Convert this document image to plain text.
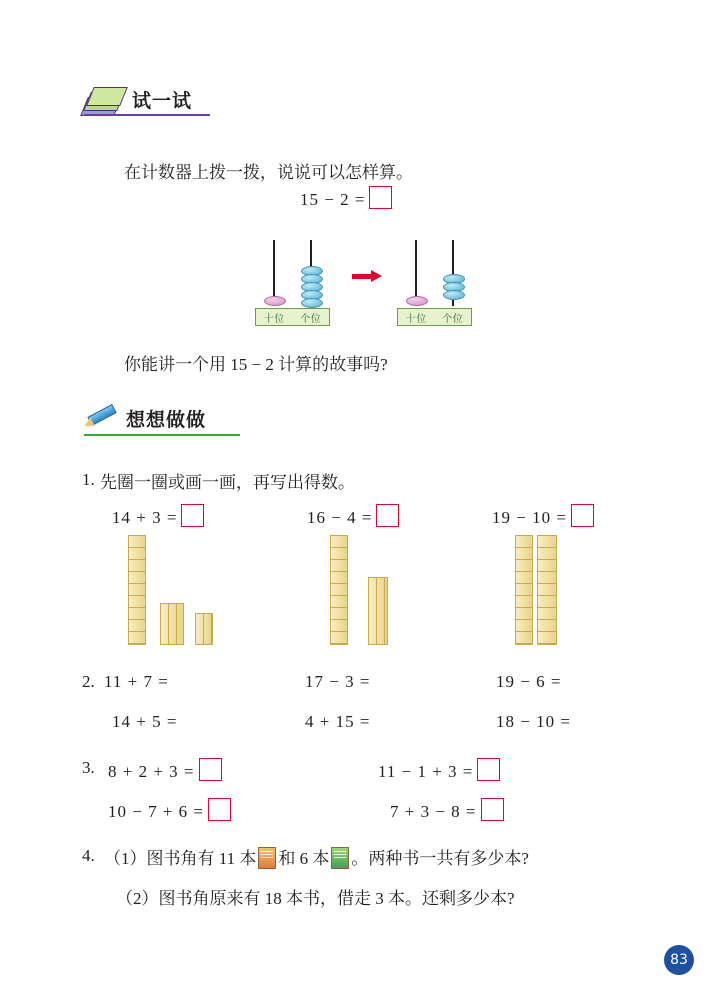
试一试
在计数器上拨一拨，说说可以怎样算。
15 − 2 =
十位 个位	十位 个位
你能讲一个用 15 − 2 计算的故事吗?
想想做做
1. 先圈一圈或画一画，再写出得数。
14 + 3 =	16 − 4 =	19 − 10 =
2. 11 + 7 =	17 − 3 =	19 − 6 =
14 + 5 =	4 + 15 =	18 − 10 =
3. 8 + 2 + 3 =	11 − 1 + 3 =
10 − 7 + 6 =	7 + 3 − 8 =
4. （1）图书角有 11 本 和 6 本 。两种书一共有多少本?
（2）图书角原来有 18 本书，借走 3 本。还剩多少本?
83
